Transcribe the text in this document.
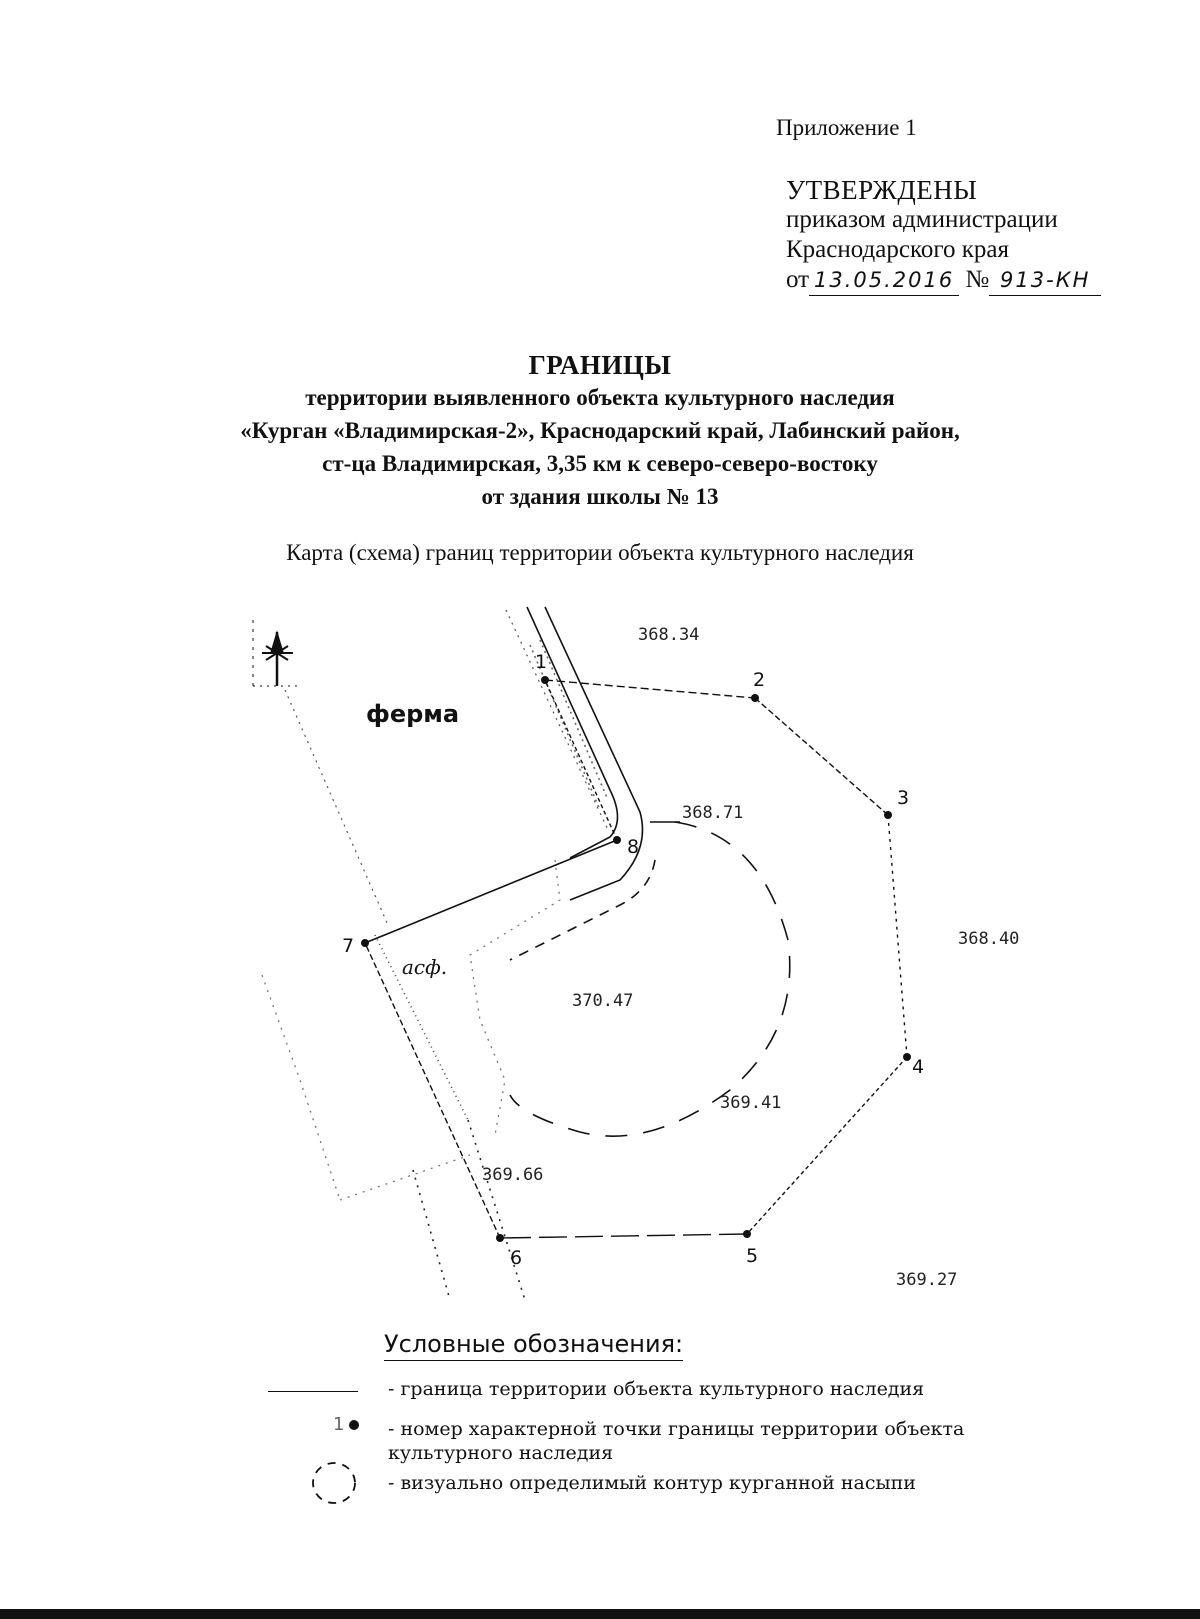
Приложение 1
УТВЕРЖДЕНЫ
приказом администрации
Краснодарского края
от 13.05.2016 № 913-КН
ГРАНИЦЫ
территории выявленного объекта культурного наследия
«Курган «Владимирская-2», Краснодарский край, Лабинский район,
ст-ца Владимирская, 3,35 км к северо-северо-востоку
от здания школы № 13
Карта (схема) границ территории объекта культурного наследия
1
2
3
4
5
6
7
8
368.34
368.71
368.40
370.47
369.41
369.66
369.27
ферма
асф.
Условные обозначения:
- граница территории объекта культурного наследия
1	- номер характерной точки границы территории объекта
культурного наследия
- визуально определимый контур курганной насыпи
